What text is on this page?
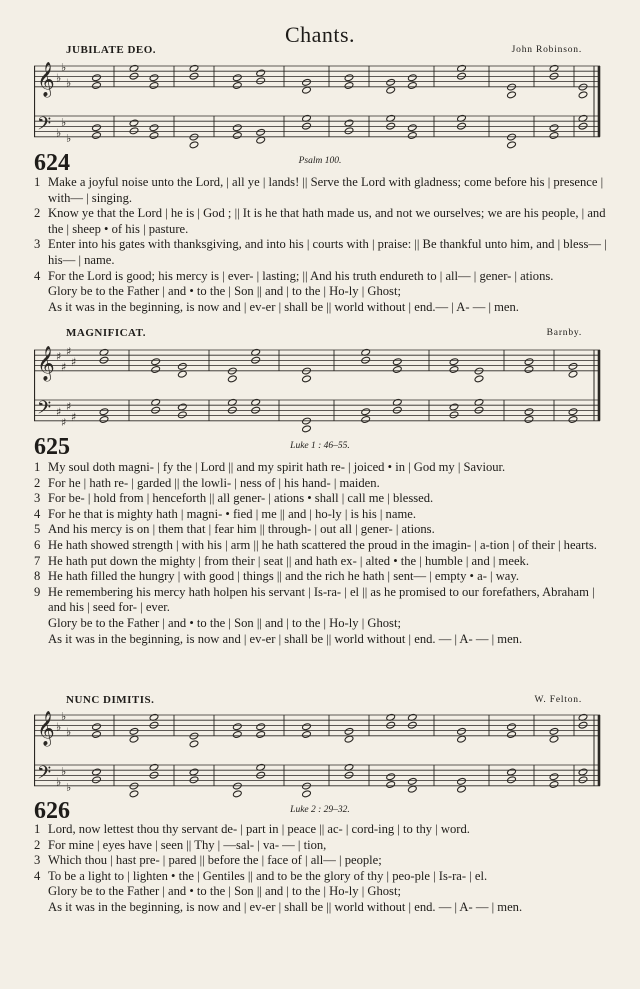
Chants.
JUBILATE DEO.	John Robinson.
𝄞
𝄢
♭
♭
♭
♭
♭
♭
624	Psalm 100.
1 Make a joyful noise unto the Lord, | all ye | lands! || Serve the Lord with gladness; come before his | presence | with— | singing.
2 Know ye that the Lord | he is | God ; || It is he that hath made us, and not we ourselves; we are his people, | and the | sheep • of his | pasture.
3 Enter into his gates with thanksgiving, and into his | courts with | praise: || Be thankful unto him, and | bless— | his— | name.
4 For the Lord is good; his mercy is | ever- | lasting; || And his truth endureth to | all— | gener- | ations.
Glory be to the Father | and • to the | Son || and | to the | Ho-ly | Ghost;
As it was in the beginning, is now and | ev-er | shall be || world without | end.— | A- — | men.
MAGNIFICAT.	Barnby.
𝄞
𝄢
♯
♯
♯
♯
♯
♯
♯
♯
625	Luke 1 : 46–55.
1 My soul doth magni- | fy the | Lord || and my spirit hath re- | joiced • in | God my | Saviour.
2 For he | hath re- | garded || the lowli- | ness of | his hand- | maiden.
3 For be- | hold from | henceforth || all gener- | ations • shall | call me | blessed.
4 For he that is mighty hath | magni- • fied | me || and | ho-ly | is his | name.
5 And his mercy is on | them that | fear him || through- | out all | gener- | ations.
6 He hath showed strength | with his | arm || he hath scattered the proud in the imagin- | a-tion | of their | hearts.
7 He hath put down the mighty | from their | seat || and hath ex- | alted • the | humble | and | meek.
8 He hath filled the hungry | with good | things || and the rich he hath | sent— | empty • a- | way.
9 He remembering his mercy hath holpen his servant | Is-ra- | el || as he promised to our forefathers, Abraham | and his | seed for- | ever.
Glory be to the Father | and • to the | Son || and | to the | Ho-ly | Ghost;
As it was in the beginning, is now and | ev-er | shall be || world without | end. — | A- — | men.
NUNC DIMITIS.	W. Felton.
𝄞
𝄢
♭
♭
♭
♭
♭
♭
626	Luke 2 : 29–32.
1 Lord, now lettest thou thy servant de- | part in | peace || ac- | cord-ing | to thy | word.
2 For mine | eyes have | seen || Thy | —sal- | va- — | tion,
3 Which thou | hast pre- | pared || before the | face of | all— | people;
4 To be a light to | lighten • the | Gentiles || and to be the glory of thy | peo-ple | Is-ra- | el.
Glory be to the Father | and • to the | Son || and | to the | Ho-ly | Ghost;
As it was in the beginning, is now and | ev-er | shall be || world without | end. — | A- — | men.
